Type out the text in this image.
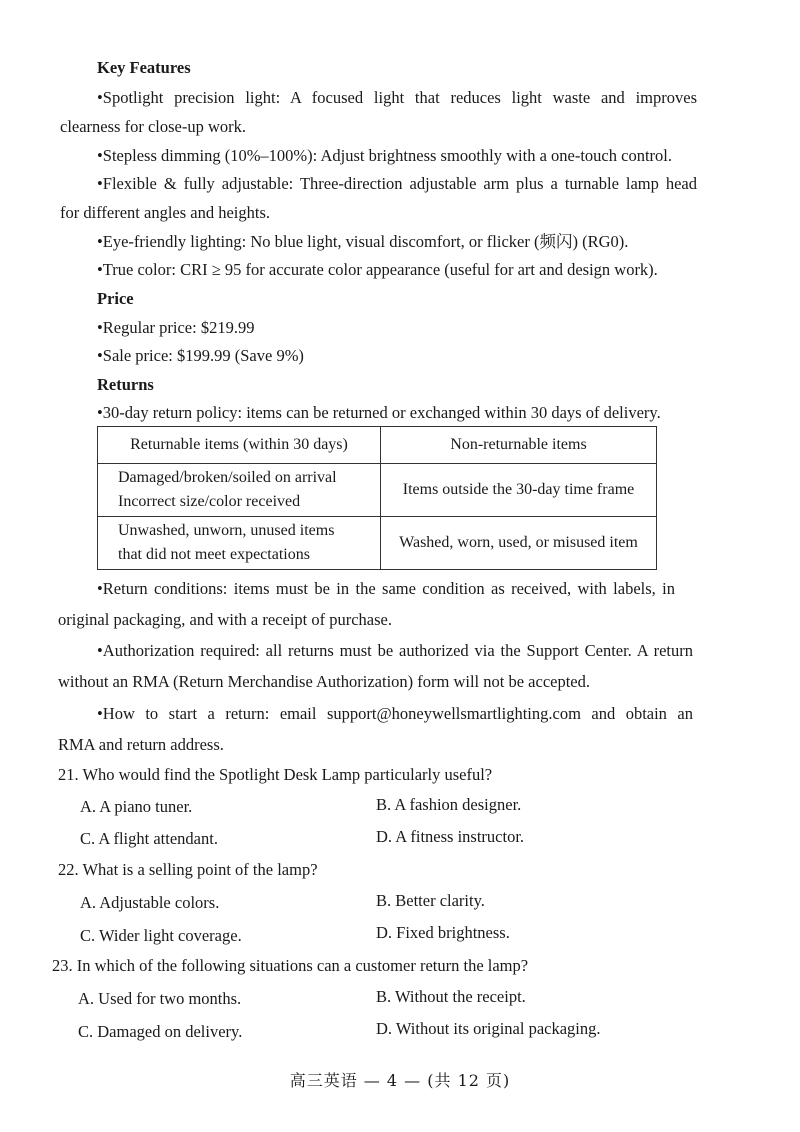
Key Features
•Spotlight precision light: A focused light that reduces light waste and improves
clearness for close-up work.
•Stepless dimming (10%–100%): Adjust brightness smoothly with a one-touch control.
•Flexible & fully adjustable: Three-direction adjustable arm plus a turnable lamp head
for different angles and heights.
•Eye-friendly lighting: No blue light, visual discomfort, or flicker (频闪) (RG0).
•True color: CRI ≥ 95 for accurate color appearance (useful for art and design work).
Price
•Regular price: $219.99
•Sale price: $199.99 (Save 9%)
Returns
•30-day return policy: items can be returned or exchanged within 30 days of delivery.
Returnable items (within 30 days)	Non-returnable items

Damaged/broken/soiled on arrival
Incorrect size/color received	Items outside the 30-day time frame

Unwashed, unworn, unused items
that did not meet expectations	Washed, worn, used, or misused item
•Return conditions: items must be in the same condition as received, with labels, in
original packaging, and with a receipt of purchase.
•Authorization required: all returns must be authorized via the Support Center. A return
without an RMA (Return Merchandise Authorization) form will not be accepted.
•How to start a return: email support@honeywellsmartlighting.com and obtain an
RMA and return address.
21. Who would find the Spotlight Desk Lamp particularly useful?
A. A piano tuner.	B. A fashion designer.
C. A flight attendant.	D. A fitness instructor.
22. What is a selling point of the lamp?
A. Adjustable colors.	B. Better clarity.
C. Wider light coverage.	D. Fixed brightness.
23. In which of the following situations can a customer return the lamp?
A. Used for two months.	B. Without the receipt.
C. Damaged on delivery.	D. Without its original packaging.
高三英语 — 4 — (共 12 页)
